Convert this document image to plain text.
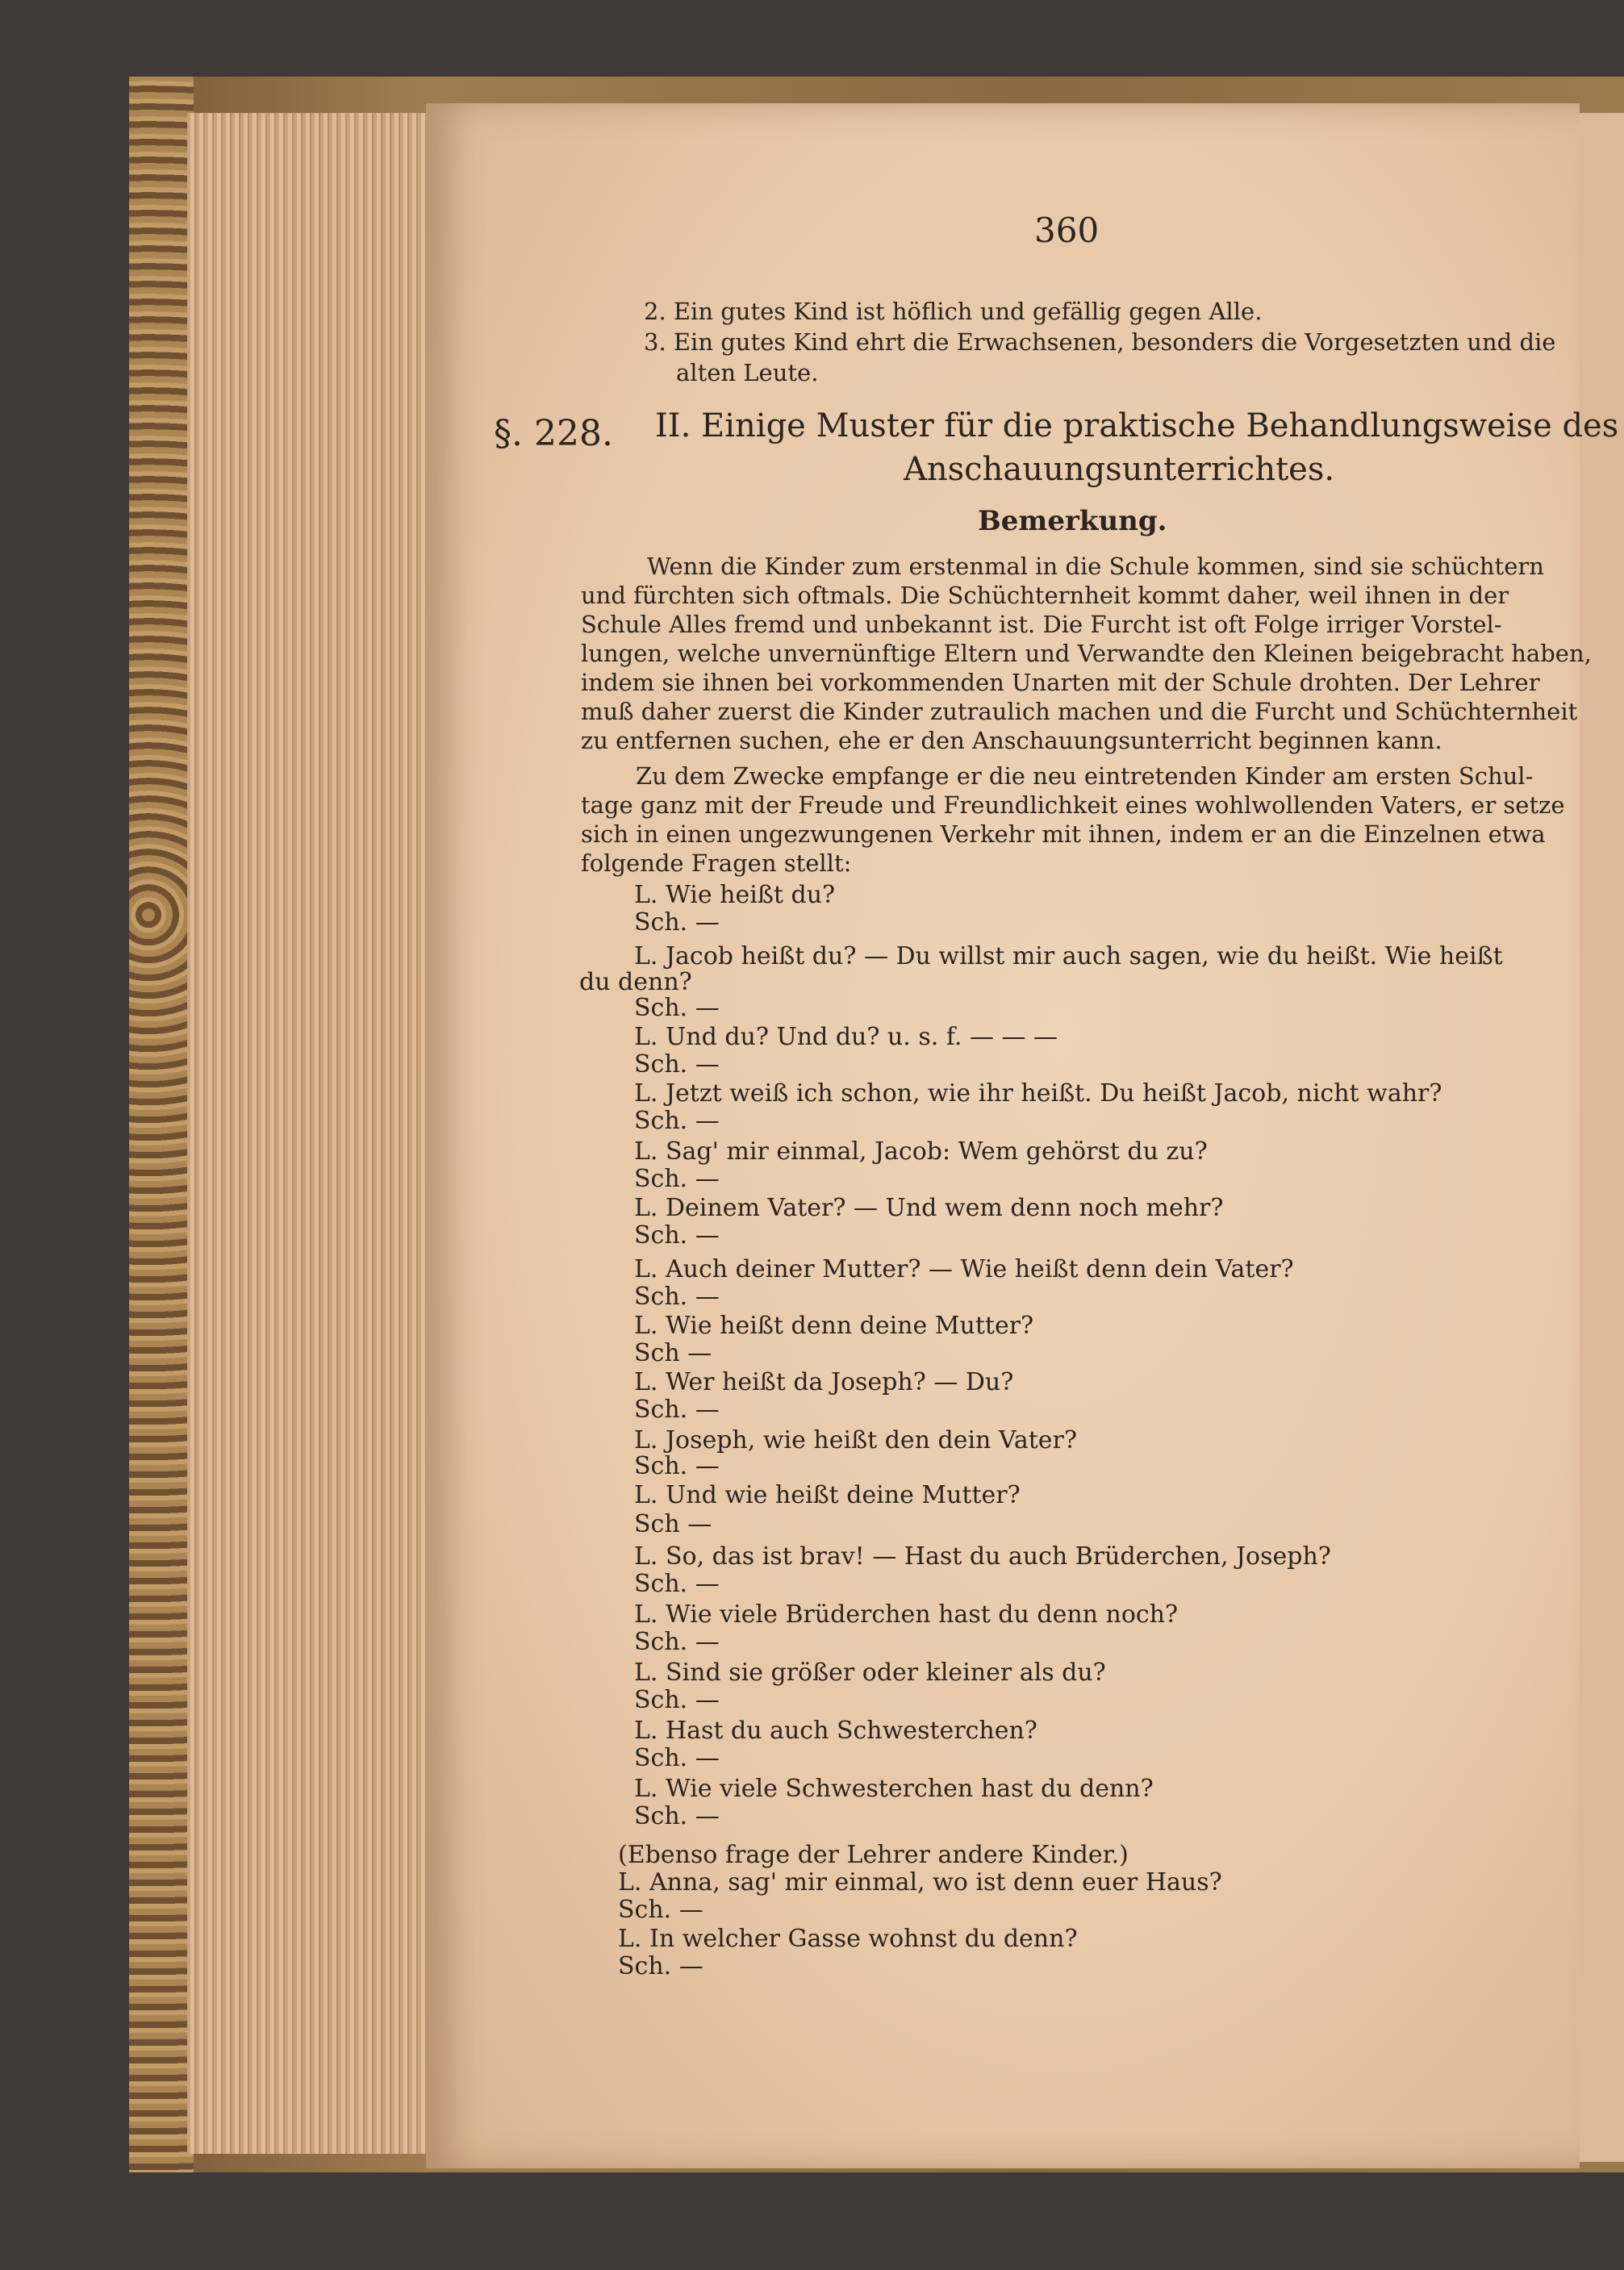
360
2. Ein gutes Kind ist höflich und gefällig gegen Alle.
3. Ein gutes Kind ehrt die Erwachsenen, besonders die Vorgesetzten und die
alten Leute.
§. 228. II. Einige Muster für die praktische Behandlungsweise des
Anschauungsunterrichtes.
Bemerkung.
Wenn die Kinder zum erstenmal in die Schule kommen, sind sie schüchtern
und fürchten sich oftmals. Die Schüchternheit kommt daher, weil ihnen in der
Schule Alles fremd und unbekannt ist. Die Furcht ist oft Folge irriger Vorstel-
lungen, welche unvernünftige Eltern und Verwandte den Kleinen beigebracht haben,
indem sie ihnen bei vorkommenden Unarten mit der Schule drohten. Der Lehrer
muß daher zuerst die Kinder zutraulich machen und die Furcht und Schüchternheit
zu entfernen suchen, ehe er den Anschauungsunterricht beginnen kann.
Zu dem Zwecke empfange er die neu eintretenden Kinder am ersten Schul-
tage ganz mit der Freude und Freundlichkeit eines wohlwollenden Vaters, er setze
sich in einen ungezwungenen Verkehr mit ihnen, indem er an die Einzelnen etwa
folgende Fragen stellt:
L. Wie heißt du?
Sch. —
L. Jacob heißt du? — Du willst mir auch sagen, wie du heißt. Wie heißt
du denn?
Sch. —
L. Und du? Und du? u. s. f. — — —
Sch. —
L. Jetzt weiß ich schon, wie ihr heißt. Du heißt Jacob, nicht wahr?
Sch. —
L. Sag' mir einmal, Jacob: Wem gehörst du zu?
Sch. —
L. Deinem Vater? — Und wem denn noch mehr?
Sch. —
L. Auch deiner Mutter? — Wie heißt denn dein Vater?
Sch. —
L. Wie heißt denn deine Mutter?
Sch —
L. Wer heißt da Joseph? — Du?
Sch. —
L. Joseph, wie heißt den dein Vater?
Sch. —
L. Und wie heißt deine Mutter?
Sch —
L. So, das ist brav! — Hast du auch Brüderchen, Joseph?
Sch. —
L. Wie viele Brüderchen hast du denn noch?
Sch. —
L. Sind sie größer oder kleiner als du?
Sch. —
L. Hast du auch Schwesterchen?
Sch. —
L. Wie viele Schwesterchen hast du denn?
Sch. —
(Ebenso frage der Lehrer andere Kinder.)
L. Anna, sag' mir einmal, wo ist denn euer Haus?
Sch. —
L. In welcher Gasse wohnst du denn?
Sch. —
